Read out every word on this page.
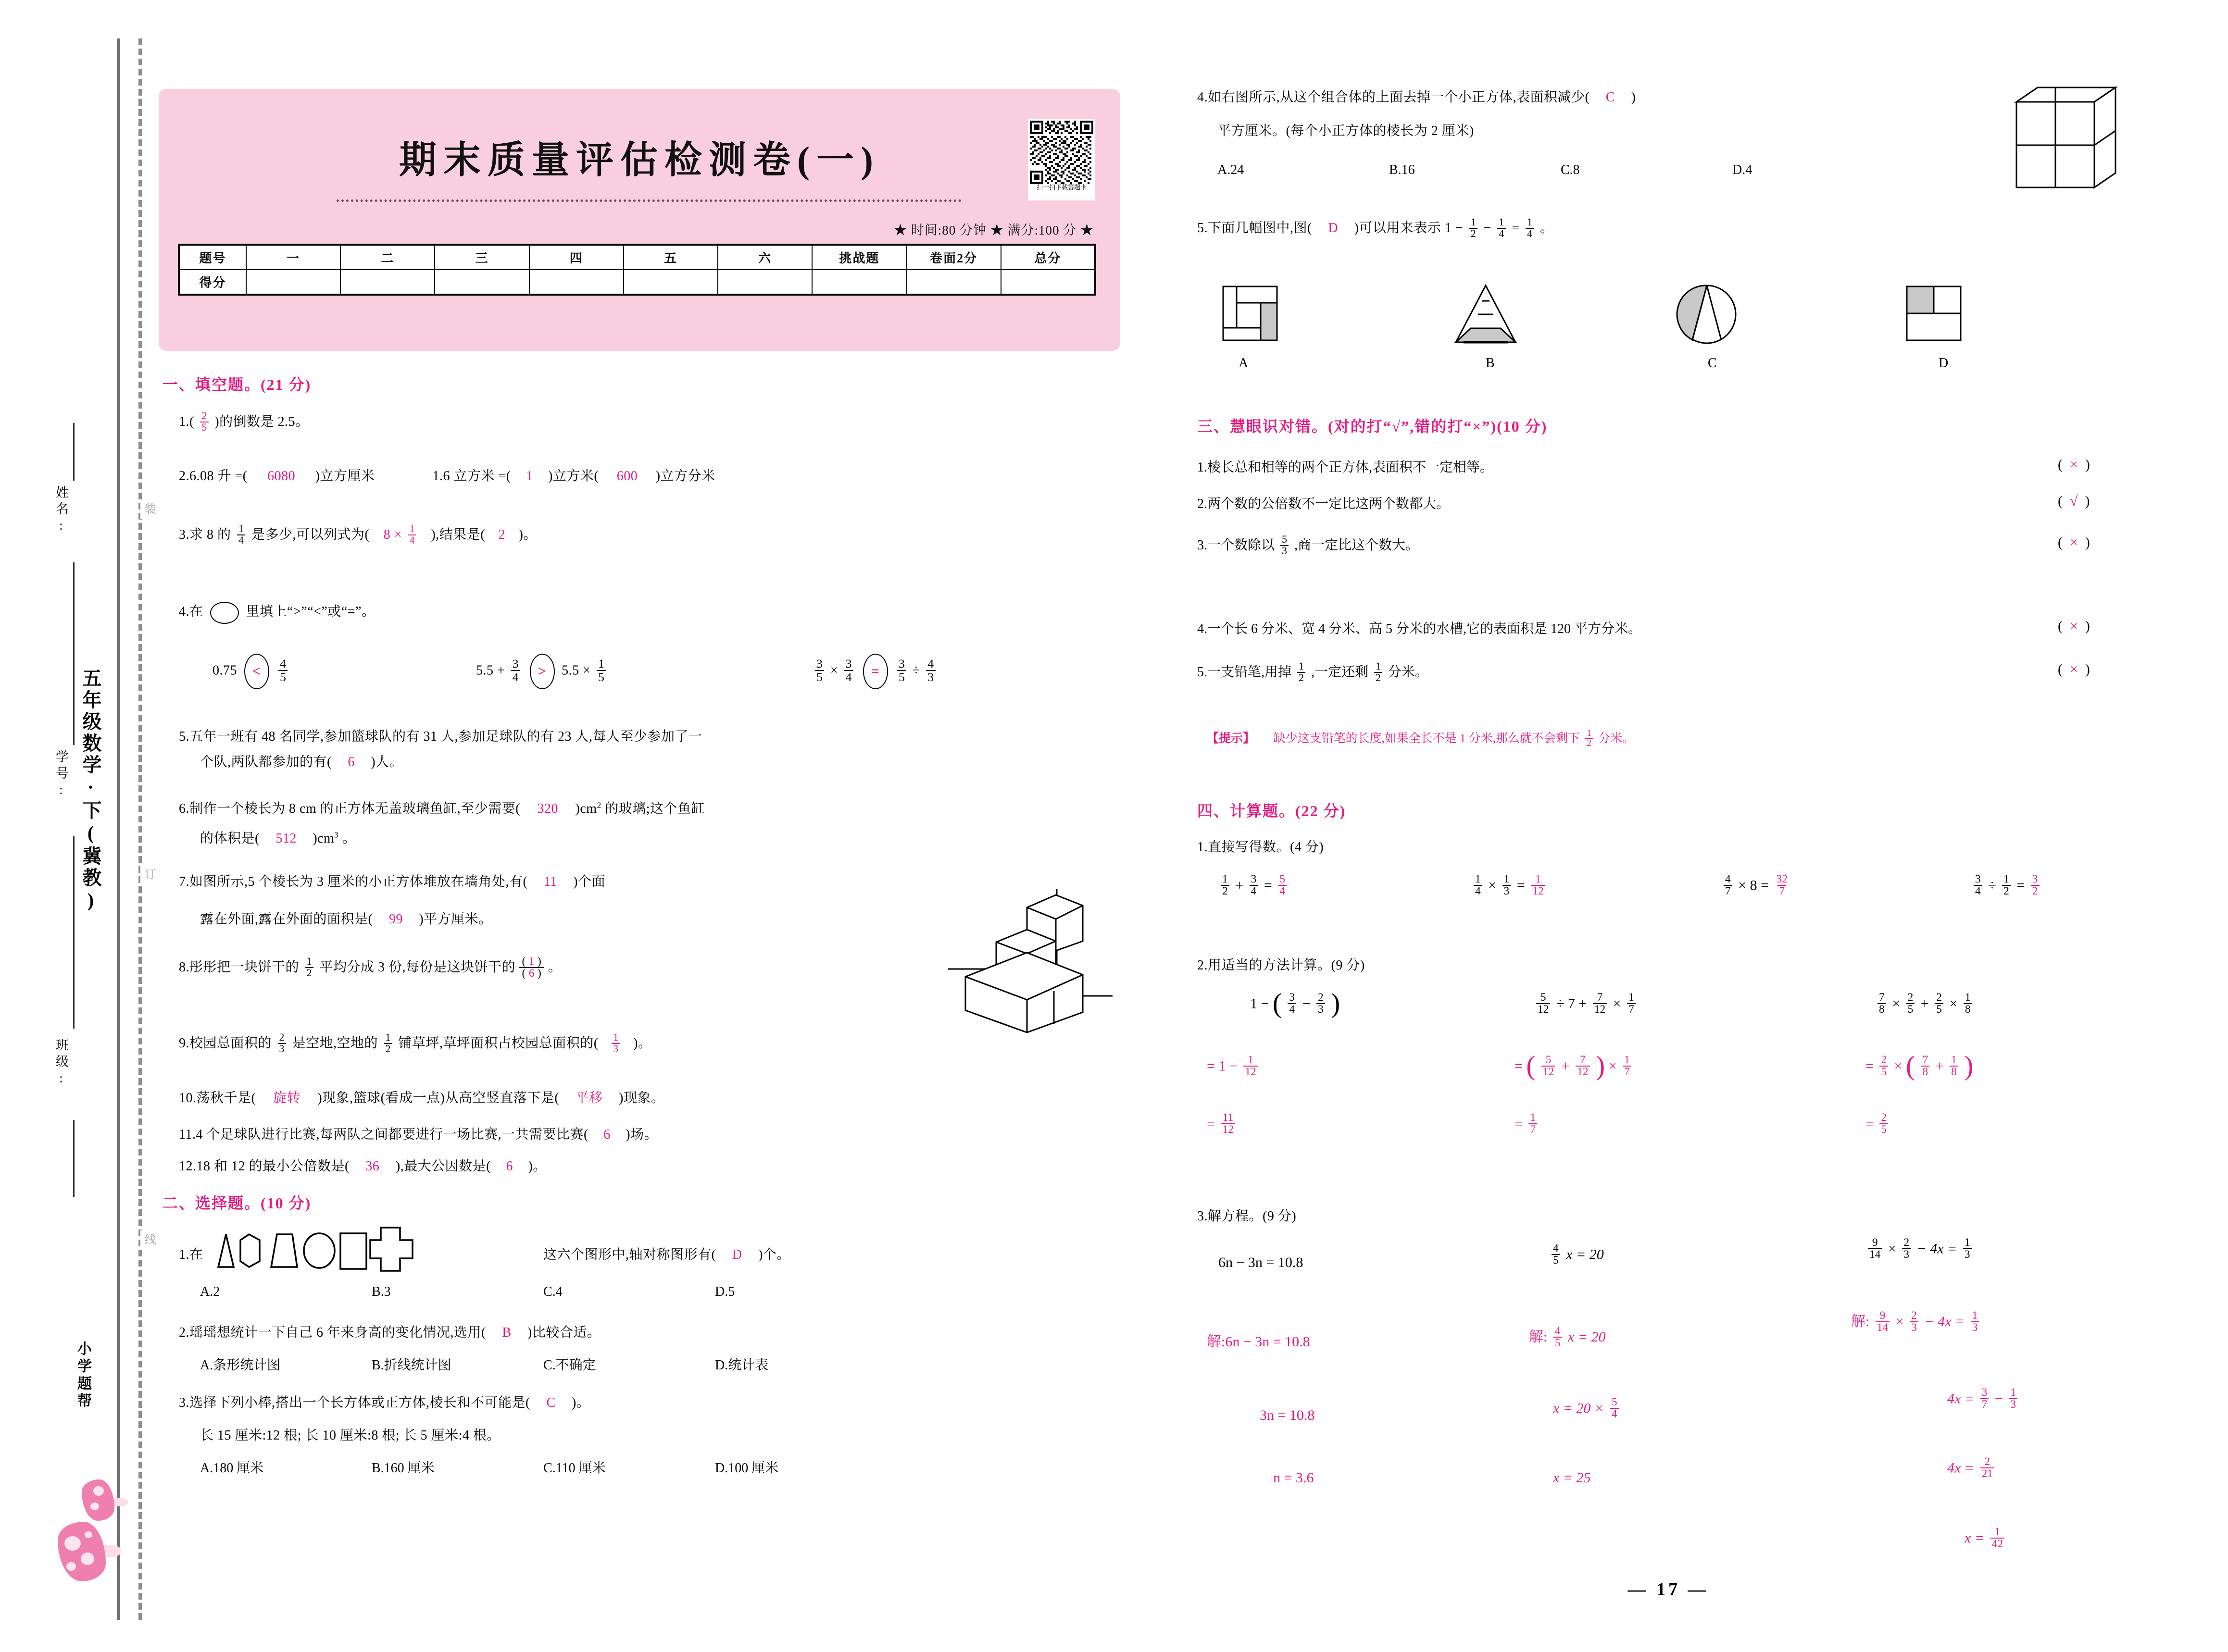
姓名:
学号:
班级:
五年级数学·下(冀教)
装
订
线
小学题帮
期末质量评估检测卷(一)
扫一扫下载答题卡
★ 时间:80 分钟 ★ 满分:100 分 ★
题号	一	二	三	四	五	六	挑战题	卷面2分	总分
得分									
一、填空题。(21 分)
$1.( \frac{2}{5}$ )的倒数是 2.5。
2.6.08 升 =( 6080 )立方厘米	1.6 立方米 =( 1 )立方米( 600 )立方分米
3.求 8 的 $\frac{1}{4}$ 是多少,可以列式为( $8 \times \frac{1}{4}$ ),结果是( 2 )。
4.在	里填上“>”“<”或“=”。
$0.75 < \frac{4}{5}$	$5.5 + \frac{3}{4} > 5.5 \times \frac{1}{5}$	$\frac{3}{5} \times \frac{3}{4} = \frac{3}{5} \div \frac{4}{3}$
5.五年一班有 48 名同学,参加篮球队的有 31 人,参加足球队的有 23 人,每人至少参加了一
个队,两队都参加的有( 6 )人。
6.制作一个棱长为 8 cm 的正方体无盖玻璃鱼缸,至少需要( 320 )$cm^2$ 的玻璃;这个鱼缸
的体积是( 512 )$cm^3$ 。
7.如图所示,5 个棱长为 3 厘米的小正方体堆放在墙角处,有( 11 )个面
露在外面,露在外面的面积是( 99 )平方厘米。
8.彤彤把一块饼干的 $\frac{1}{2}$ 平均分成 3 份,每份是这块饼干的 $\frac{( 1 )}{( 6 )}$ 。
9.校园总面积的 $\frac{2}{3}$ 是空地,空地的 $\frac{1}{2}$ 铺草坪,草坪面积占校园总面积的( $\frac{1}{3}$ )。
10.荡秋千是( 旋转 )现象,篮球(看成一点)从高空竖直落下是( 平移 )现象。
11.4 个足球队进行比赛,每两队之间都要进行一场比赛,一共需要比赛( 6 )场。
12.18 和 12 的最小公倍数是( 36 ),最大公因数是( 6 )。
二、选择题。(10 分)
1.在	这六个图形中,轴对称图形有( D )个。
A.2	B.3	C.4	D.5
2.瑶瑶想统计一下自己 6 年来身高的变化情况,选用( B )比较合适。
A.条形统计图	B.折线统计图	C.不确定	D.统计表
3.选择下列小棒,搭出一个长方体或正方体,棱长和不可能是( C )。
长 15 厘米:12 根; 长 10 厘米:8 根; 长 5 厘米:4 根。
A.180 厘米	B.160 厘米	C.110 厘米	D.100 厘米
4.如右图所示,从这个组合体的上面去掉一个小正方体,表面积减少( C )
平方厘米。(每个小正方体的棱长为 2 厘米)
A.24	B.16	C.8	D.4
5.下面几幅图中,图( D )可以用来表示 $1 - \frac{1}{2} - \frac{1}{4} = \frac{1}{4}$ 。
A	B	C	D
三、慧眼识对错。(对的打“√”,错的打“×”)(10 分)
1.棱长总和相等的两个正方体,表面积不一定相等。	(  ×  )
2.两个数的公倍数不一定比这两个数都大。	(  √  )
3.一个数除以 $\frac{5}{3}$ ,商一定比这个数大。	(  ×  )
4.一个长 6 分米、宽 4 分米、高 5 分米的水槽,它的表面积是 120 平方分米。	(  ×  )
5.一支铅笔,用掉 $\frac{1}{2}$ ,一定还剩 $\frac{1}{2}$ 分米。	(  ×  )
【提示】 缺少这支铅笔的长度,如果全长不是 1 分米,那么就不会剩下 $\frac{1}{2}$ 分米。
四、计算题。(22 分)
1.直接写得数。(4 分)
$\frac{1}{2} + \frac{3}{4} = \frac{5}{4}$	$\frac{1}{4} \times \frac{1}{3} = \frac{1}{12}$	$\frac{4}{7} \times 8 = \frac{32}{7}$	$\frac{3}{4} \div \frac{1}{2} = \frac{3}{2}$
2.用适当的方法计算。(9 分)
1 − ( $\frac{3}{4} - \frac{2}{3}$ )
= $1 - \frac{1}{12}$
= $\frac{11}{12}$
$\frac{5}{12} \div 7 + \frac{7}{12} \times \frac{1}{7}$
= ( $\frac{5}{12} + \frac{7}{12}$ ) × $\frac{1}{7}$
= $\frac{1}{7}$
$\frac{7}{8} \times \frac{2}{5} + \frac{2}{5} \times \frac{1}{8}$
= $\frac{2}{5}$ × ( $\frac{7}{8} + \frac{1}{8}$ )
= $\frac{2}{5}$
3.解方程。(9 分)
6n − 3n = 10.8
解:6n − 3n = 10.8
3n = 10.8
n = 3.6
$\frac{4}{5}$ x = 20
解: $\frac{4}{5}$ x = 20
$x = 20 \times \frac{5}{4}$
x = 25
$\frac{9}{14} \times \frac{2}{3} - 4x = \frac{1}{3}$
解: $\frac{9}{14} \times \frac{2}{3} - 4x = \frac{1}{3}$
$4x = \frac{3}{7} - \frac{1}{3}$
$4x = \frac{2}{21}$
$x = \frac{1}{42}$
— 17 —
